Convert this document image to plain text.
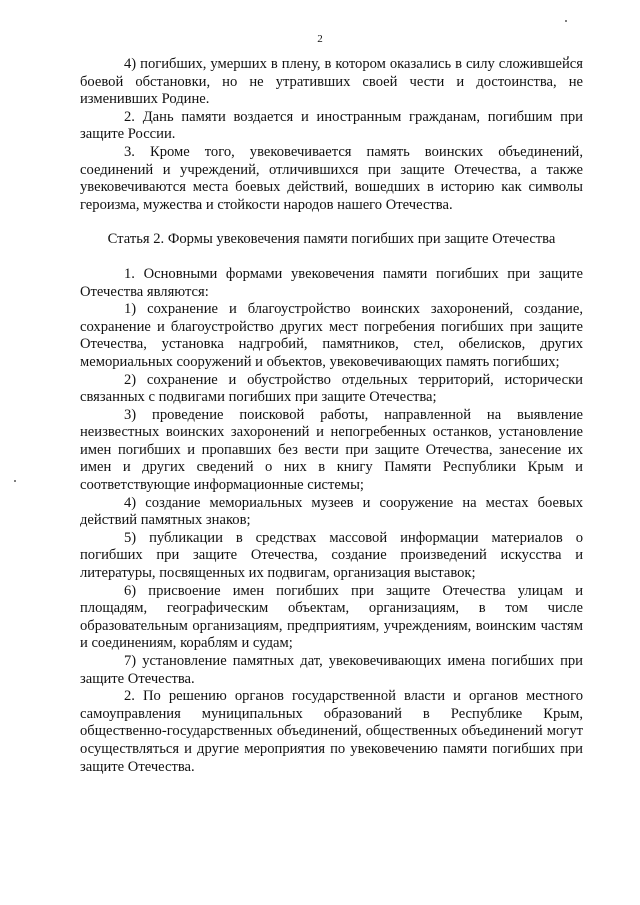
2

4) погибших, умерших в плену, в котором оказались в силу сложившейся боевой обстановки, но не утративших своей чести и достоинства, не изменивших Родине.

2. Дань памяти воздается и иностранным гражданам, погибшим при защите России.

3. Кроме того, увековечивается память воинских объединений, соединений и учреждений, отличившихся при защите Отечества, а также увековечиваются места боевых действий, вошедших в историю как символы героизма, мужества и стойкости народов нашего Отечества.

Статья 2. Формы увековечения памяти погибших при защите Отечества

1. Основными формами увековечения памяти погибших при защите Отечества являются:

1) сохранение и благоустройство воинских захоронений, создание, сохранение и благоустройство других мест погребения погибших при защите Отечества, установка надгробий, памятников, стел, обелисков, других мемориальных сооружений и объектов, увековечивающих память погибших;

2) сохранение и обустройство отдельных территорий, исторически связанных с подвигами погибших при защите Отечества;

3) проведение поисковой работы, направленной на выявление неизвестных воинских захоронений и непогребенных останков, установление имен погибших и пропавших без вести при защите Отечества, занесение их имен и других сведений о них в книгу Памяти Республики Крым и соответствующие информационные системы;

4) создание мемориальных музеев и сооружение на местах боевых действий памятных знаков;

5) публикации в средствах массовой информации материалов о погибших при защите Отечества, создание произведений искусства и литературы, посвященных их подвигам, организация выставок;

6) присвоение имен погибших при защите Отечества улицам и площадям, географическим объектам, организациям, в том числе образовательным организациям, предприятиям, учреждениям, воинским частям и соединениям, кораблям и судам;

7) установление памятных дат, увековечивающих имена погибших при защите Отечества.

2. По решению органов государственной власти и органов местного самоуправления муниципальных образований в Республике Крым, общественно-государственных объединений, общественных объединений могут осуществляться и другие мероприятия по увековечению памяти погибших при защите Отечества.
